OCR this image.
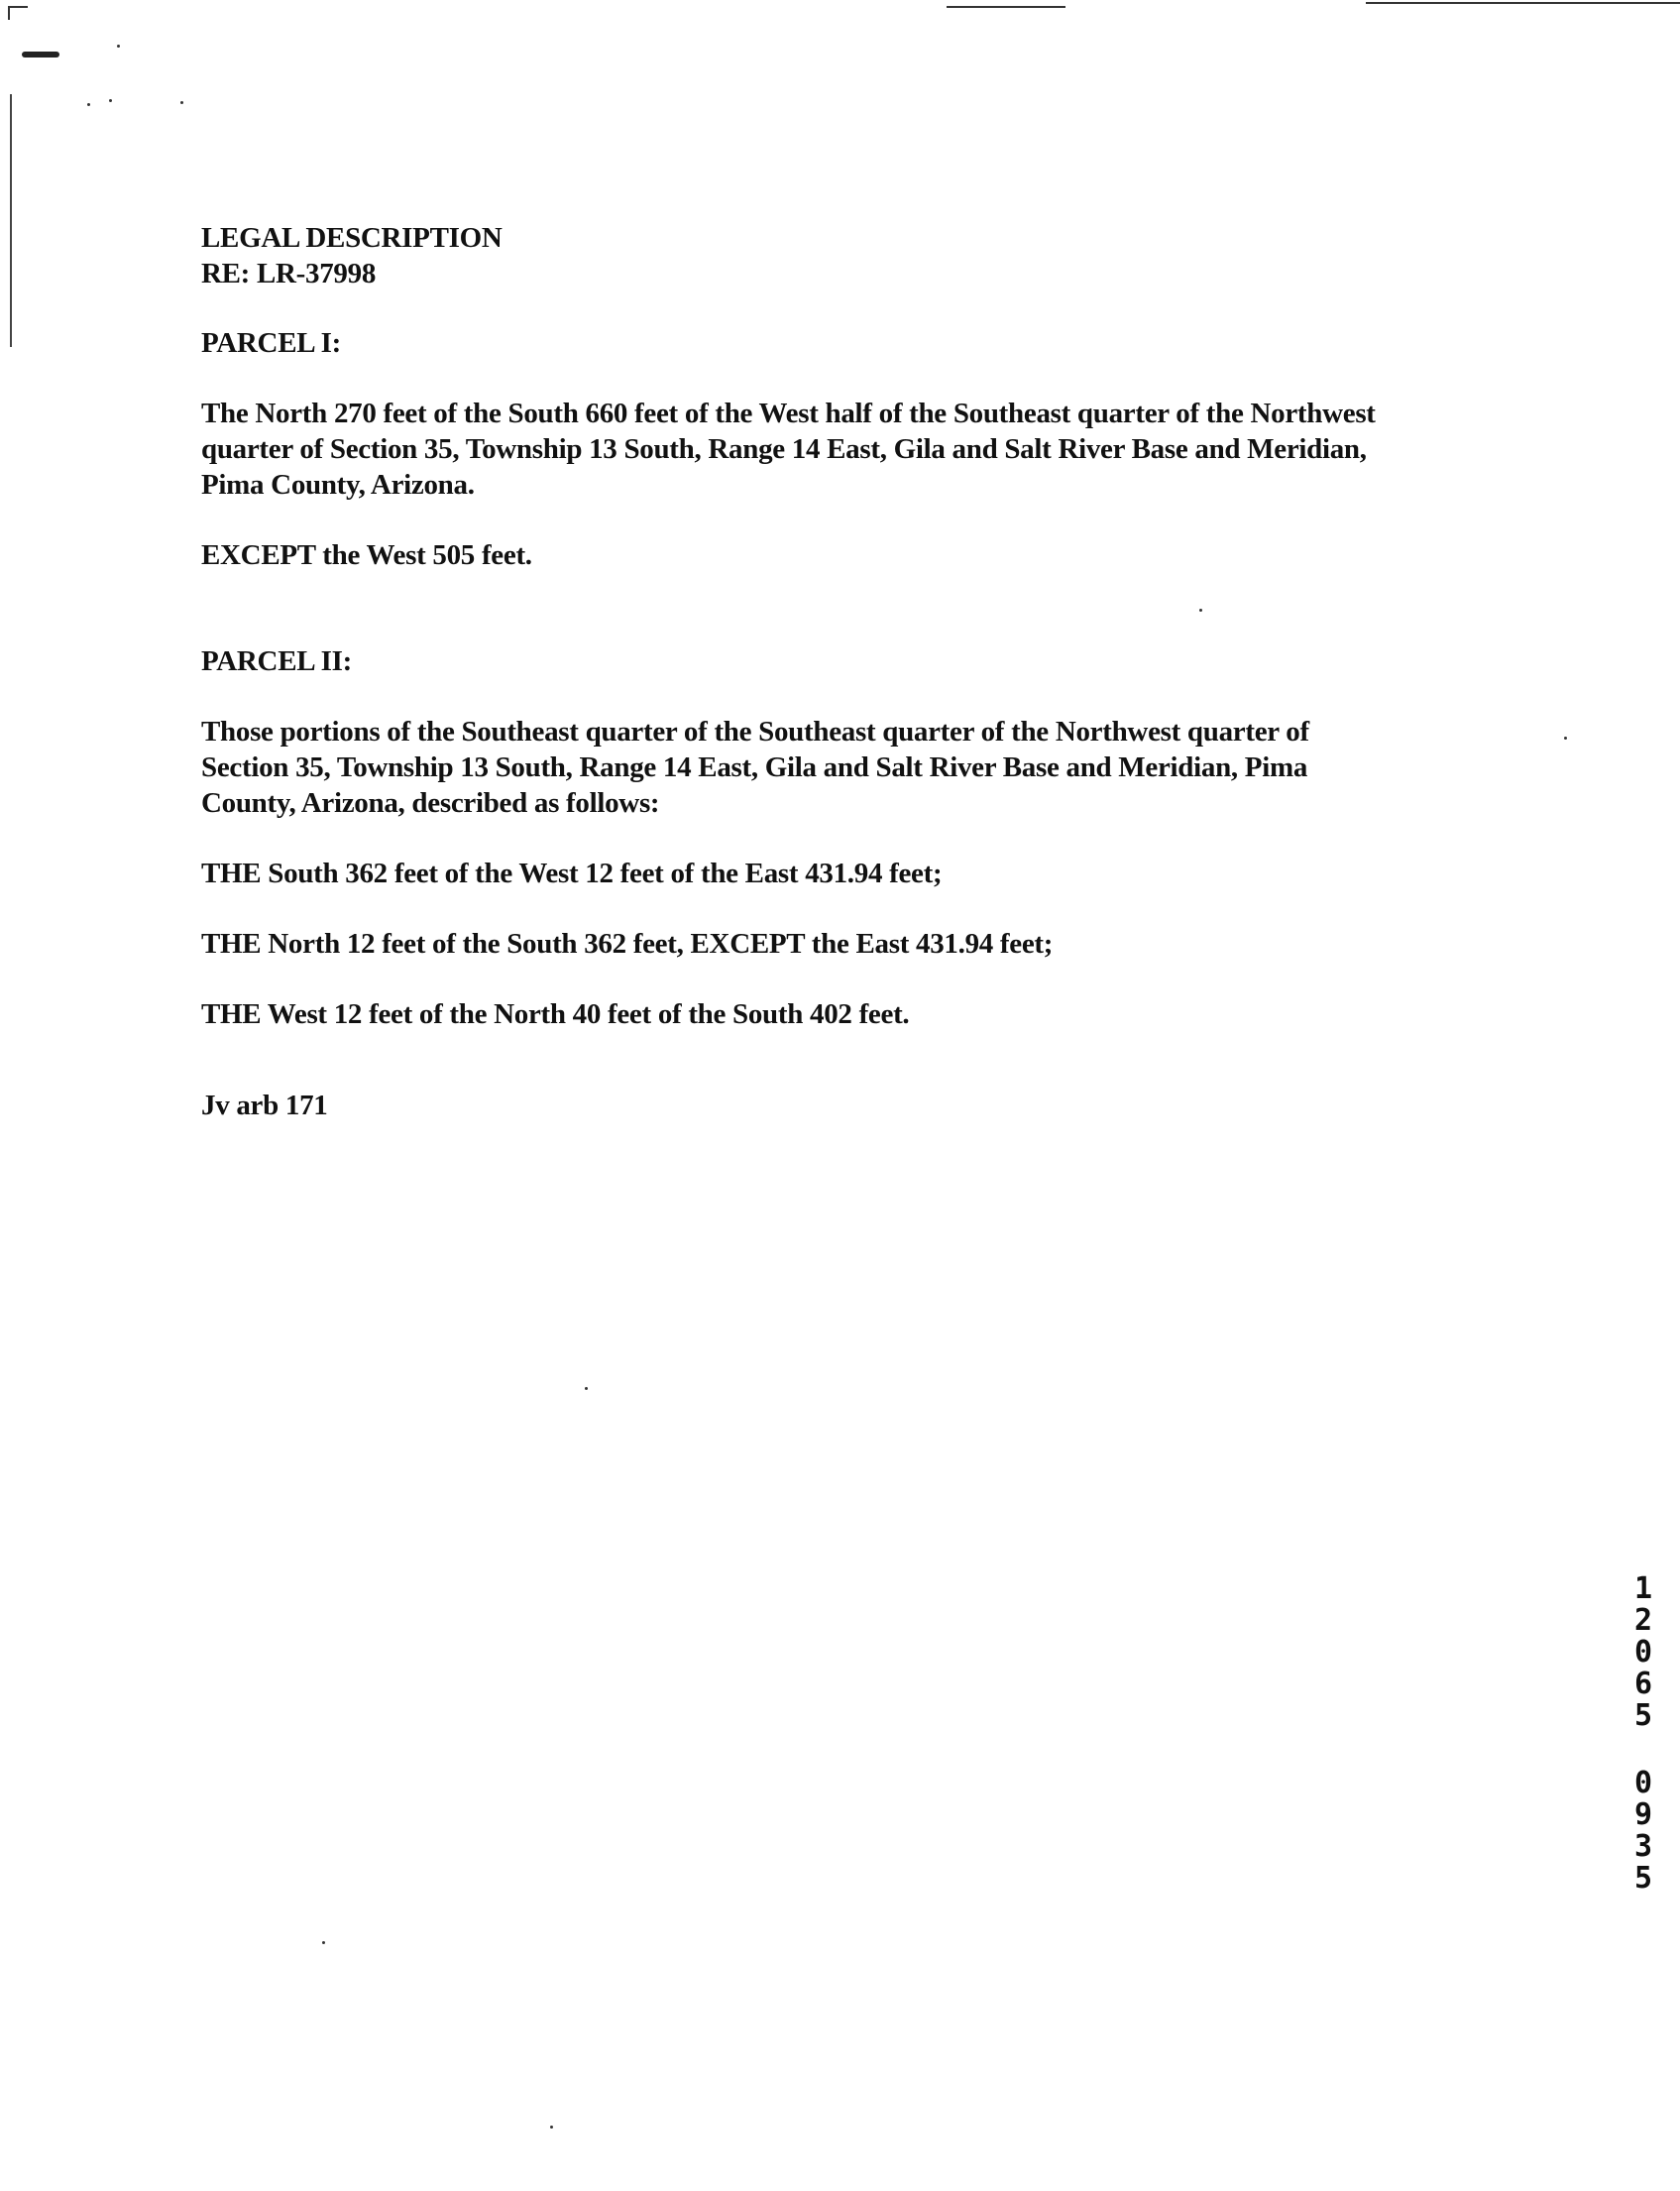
LEGAL DESCRIPTION

RE: LR-37998

PARCEL I:

The North 270 feet of the South 660 feet of the West half of the Southeast quarter of the Northwest
quarter of Section 35, Township 13 South, Range 14 East, Gila and Salt River Base and Meridian,
Pima County, Arizona.

EXCEPT the West 505 feet.

PARCEL II:

Those portions of the Southeast quarter of the Southeast quarter of the Northwest quarter of
Section 35, Township 13 South, Range 14 East, Gila and Salt River Base and Meridian, Pima
County, Arizona, described as follows:

THE South 362 feet of the West 12 feet of the East 431.94 feet;

THE North 12 feet of the South 362 feet, EXCEPT the East 431.94 feet;

THE West 12 feet of the North 40 feet of the South 402 feet.

Jv arb 171

1
2
0
6
5
0
9
3
5
